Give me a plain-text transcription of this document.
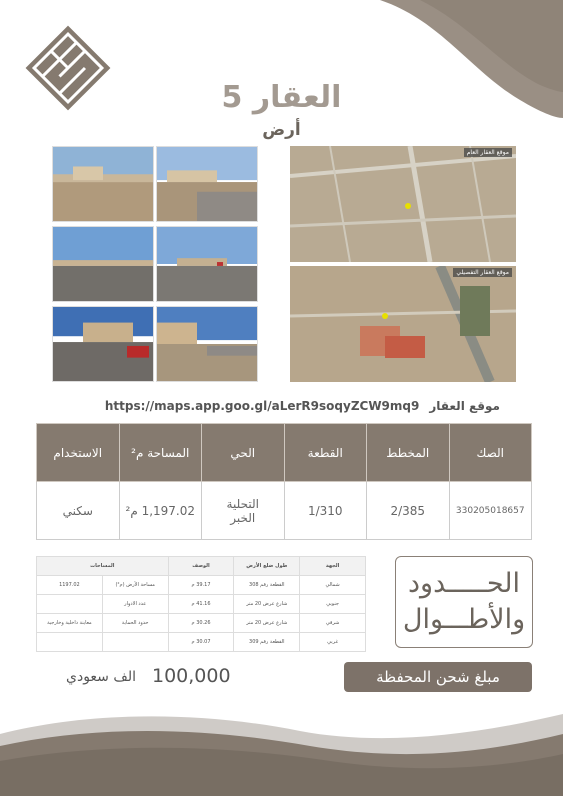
العقار 5
أرض
موقع العقار العام
موقع العقار التفصيلي
موقع العقار
https://maps.app.goo.gl/aLerR9soqyZCW9mq9
الصك	المخطط	القطعة	الحي	المساحة م²	الاستخدام
330205018657	2/385	1/310	التحلية
الخبر	1,197.02 م²	سكني
الجهة	طول ضلع الأرض	الوصف	المساحات	
شمالي	القطعة رقم 308	39.17 م	مساحة الأرض (م²)	1197.02
جنوبي	شارع عرض 20 متر	41.16 م	عدد الادوار	
شرقي	شارع عرض 20 متر	30.26 م	حدود الحماية	معاينة داخلية وخارجية
غربي	القطعة رقم 309	30.07 م		
الحـــــدود
والأطـــوال
مبلغ شحن المحفظة
100,000
الف سعودي
